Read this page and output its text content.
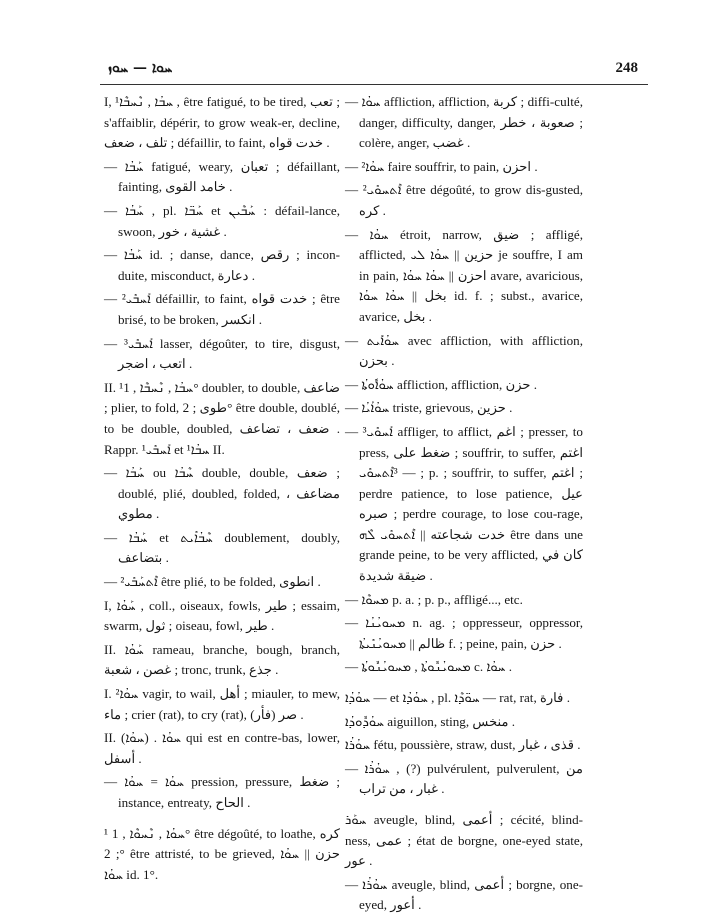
ܚܘܐ — ܚܘܙ	248

I, ¹ܚܒܳܐ , ܢܶܚܒܶܐ , être fatigué, to be tired, تعب ; s'affaiblir, dépérir, to grow weak-er, decline, تلف ، ضعف ; défaillir, to faint, خدت قواه .

— ܚܰܒܳܐ fatigué, weary, تعبان ; défaillant, fainting, خامد القوى .

— ܚܰܒܳܐ , pl. ܚܰܒ̈ܐ et ܚܰܒܶܝܢ : défail-lance, swoon, غشية ، خور .

— ܚܰܒܳܐ id. ; danse, dance, رقص ; incon-duite, misconduct, دعارة .

— ²ܐܰܚܒܺܝ défaillir, to faint, خدت قواه ; être brisé, to be broken, انكسر .

— ³ܐܰܚܒܺܝ lasser, dégoûter, to tire, disgust, اتعب ، اضجر .

II. ¹ܚܒܳܐ , ܢܶܚܒܶܐ , 1° doubler, to double, ضاعف ; plier, to fold, طوى ; 2° être double, doublé, to be double, doubled, ضعف ، تضاعف . Rappr. ¹ܐܰܚܒܺܝ et ¹ܚܒܳܐ II.

— ܚܰܒܳܐ ou ܚܶܒܳܐ double, double, ضعف ; doublé, plié, doubled, folded, مضاعف ، مطوي .

— ܚܰܒܳܐ et ܚܶܒܳܐܺܝܬ doublement, doubly, بتضاعف .

— ²ܐܶܬܚܰܒܺܝ être plié, to be folded, انطوى .

I, ܚܰܘܳܐ , coll., oiseaux, fowls, طير ; essaim, swarm, ثول ; oiseau, fowl, طير .

II. ܚܰܘܳܐ rameau, branche, bough, branch, غصن ، شعبة ; tronc, trunk, جذع .

I. ²ܚܘܳܐ vagir, to wail, أهل ; miauler, to mew, ماء ; crier (rat), to cry (rat), صر (فأر) .

II. (ܚܘܳܐ) . ܚܘܳܐ qui est en contre-bas, lower, أسفل .

— ܚܘܳܐ = ܚܘܳܐ pression, pressure, ضغط ; instance, entreaty, الحاح .

¹ ܚܘܳܐ , ܢܶܚܘܶܐ , 1° être dégoûté, to loathe, كره ; 2° être attristé, to be grieved, حزن || ܚܘܳܐ ܚܘܳܐ id. 1°.

— ܚܘܳܐ affliction, affliction, كربة ; diffi-culté, danger, difficulty, danger, صعوبة ، خطر ; colère, anger, غضب .

— ²ܚܘܳܐ faire souffrir, to pain, احزن .

— ²ܐܶܬܚܘܺܝ être dégoûté, to grow dis-gusted, كره .

— ܚܘܳܐ étroit, narrow, ضيق ; affligé, afflicted, حزين || ܚܘܳܐ ܠܝ je souffre, I am in pain, احزن || ܚܘܳܐ ܚܘܳܐ avare, avaricious, بخل || ܚܘܳܐ ܚܘܳܐ id. f. ; subst., avarice, avarice, بخل .

— ܚܘܳܐܺܝܬ avec affliction, with affliction, بحزن .

— ܚܘܳܐܽܘܬܳܐ affliction, affliction, حزن .

— ܚܘܳܐܳܝܳܐ triste, grievous, حزين .

— ³ܐܰܚܘܺܝ affliger, to afflict, اغم ; presser, to press, ضغط على ; souffrir, to suffer, اغتم ; — ³ܐܶܬܚܘܺܝ p. ; souffrir, to suffer, اغتم ; perdre patience, to lose patience, عيل صبره ; perdre courage, to lose cou-rage, خدت شجاعته || ܐܶܬܚܘܺܝ ܠܶܗ être dans une grande peine, to be very afflicted, كان في ضيقة شديدة .

— ܡܚܘܶܐ p. a. ; p. p., affligé..., etc.

— ܡܚܘܝܳܢܳܐ n. ag. ; oppresseur, oppressor, ظالم || ܡܚܘܝܳܢܺܝܬܳܐ f. ; peine, pain, حزن .

— ܡܚܘܝܳܢܽܘܬܳܐ , ܡܚܘܝܳܢܽܘܬܳܐ c. ܚܘܳܐ .

ܚܘܳܕܳܐ — et ܚܘܳܕܳܐ , pl. ܚܘ̈ܕܶܐ — rat, rat, فارة .

ܚܘܳܕܽܘܕܳܐ aiguillon, sting, منخس .

ܚܘܳܪܳܐ fétu, poussière, straw, dust, قذى ، غبار .

— ܚܘܳܪܳܐ , (?) pulvérulent, pulverulent, من غبار ، من تراب .

ܚܘܰܪ aveugle, blind, أعمى ; cécité, blind-ness, عمى ; état de borgne, one-eyed state, عور .

— ܚܘܳܪܳܐ aveugle, blind, أعمى ; borgne, one-eyed, أعور .
